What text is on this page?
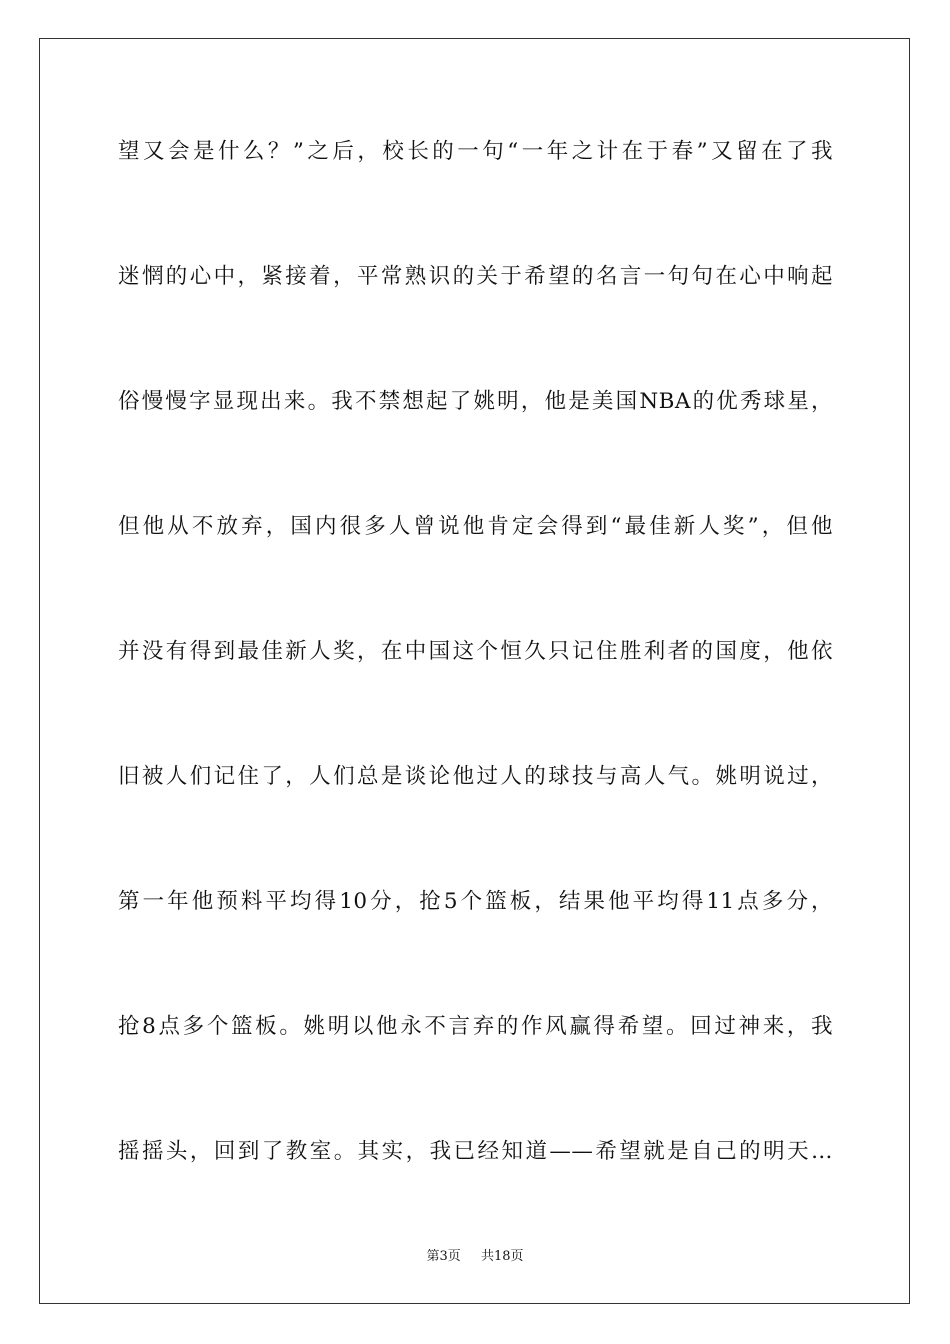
望又会是什么？”之后，校长的一句“一年之计在于春”又留在了我
迷惘的心中，紧接着，平常熟识的关于希望的名言一句句在心中响起
俗慢慢字显现出来。我不禁想起了姚明，他是美国NBA的优秀球星，
但他从不放弃，国内很多人曾说他肯定会得到“最佳新人奖”，但他
并没有得到最佳新人奖，在中国这个恒久只记住胜利者的国度，他依
旧被人们记住了，人们总是谈论他过人的球技与高人气。姚明说过，
第一年他预料平均得10分，抢5个篮板，结果他平均得11点多分，
抢8点多个篮板。姚明以他永不言弃的作风赢得希望。回过神来，我
摇摇头，回到了教室。其实，我已经知道——希望就是自己的明天…
第3页 共18页
